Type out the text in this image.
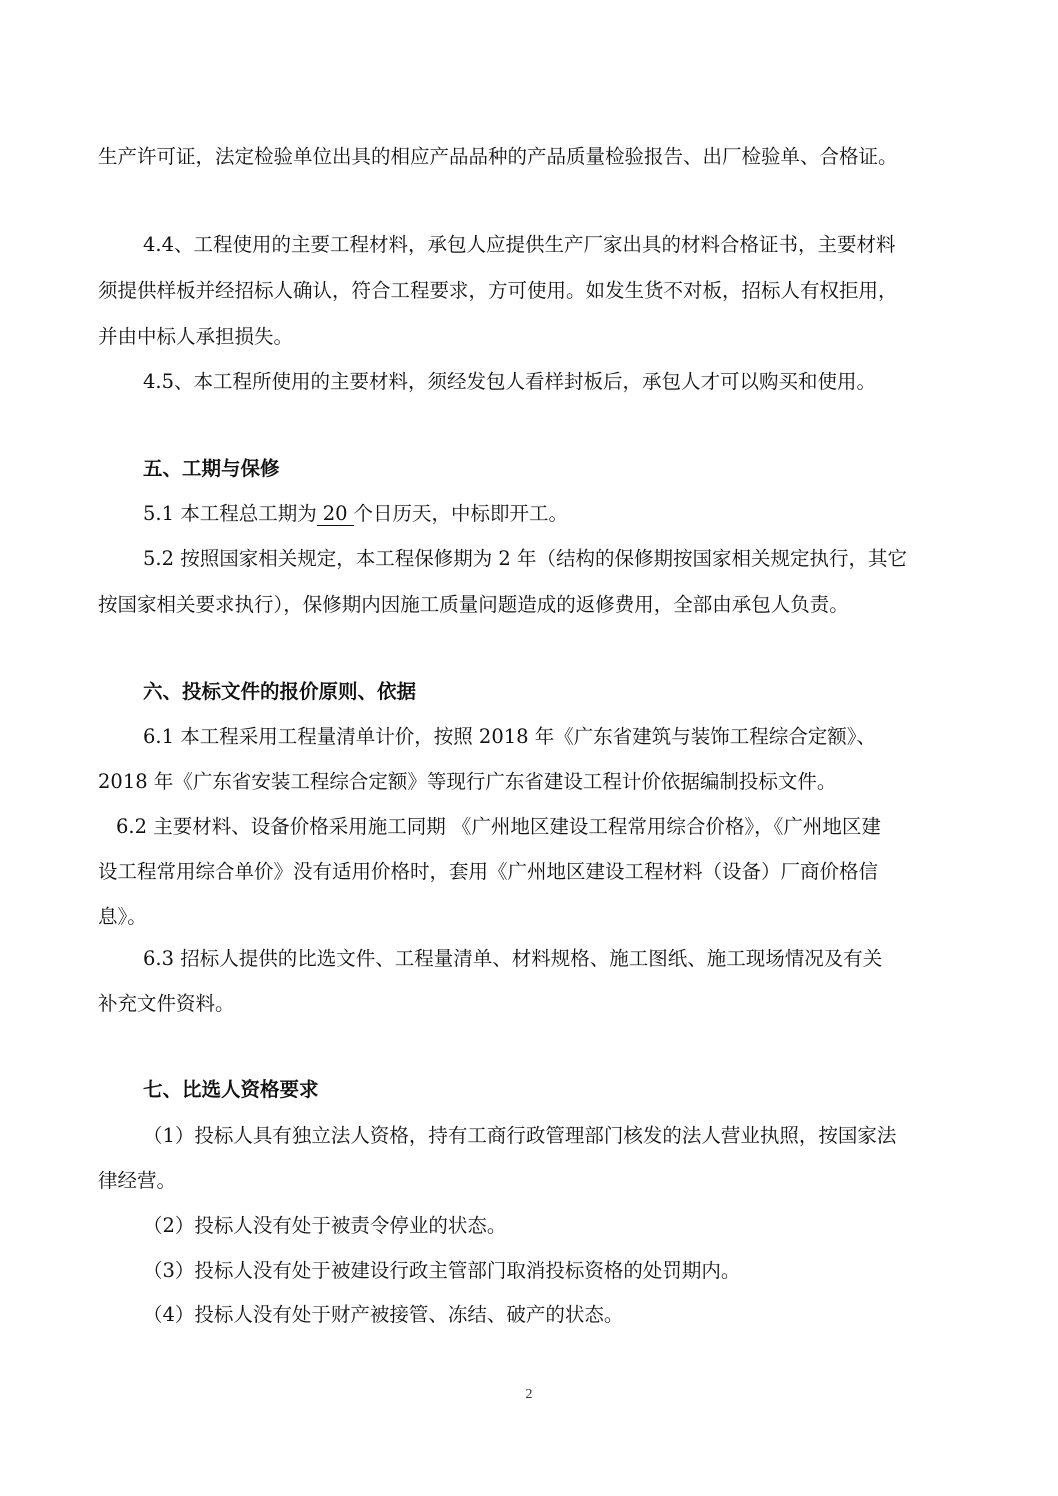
生产许可证，法定检验单位出具的相应产品品种的产品质量检验报告、出厂检验单、合格证。
4.4、工程使用的主要工程材料，承包人应提供生产厂家出具的材料合格证书，主要材料
须提供样板并经招标人确认，符合工程要求，方可使用。如发生货不对板，招标人有权拒用，
并由中标人承担损失。
4.5、本工程所使用的主要材料，须经发包人看样封板后，承包人才可以购买和使用。
五、工期与保修
5.1 本工程总工期为 20 个日历天，中标即开工。
5.2 按照国家相关规定，本工程保修期为 2 年（结构的保修期按国家相关规定执行，其它
按国家相关要求执行），保修期内因施工质量问题造成的返修费用，全部由承包人负责。
六、投标文件的报价原则、依据
6.1 本工程采用工程量清单计价，按照 2018 年《广东省建筑与装饰工程综合定额》、
2018 年《广东省安装工程综合定额》等现行广东省建设工程计价依据编制投标文件。
6.2 主要材料、设备价格采用施工同期 《广州地区建设工程常用综合价格》，《广州地区建
设工程常用综合单价》没有适用价格时，套用《广州地区建设工程材料（设备）厂商价格信
息》。
6.3 招标人提供的比选文件、工程量清单、材料规格、施工图纸、施工现场情况及有关
补充文件资料。
七、比选人资格要求
（1）投标人具有独立法人资格，持有工商行政管理部门核发的法人营业执照，按国家法
律经营。
（2）投标人没有处于被责令停业的状态。
（3）投标人没有处于被建设行政主管部门取消投标资格的处罚期内。
（4）投标人没有处于财产被接管、冻结、破产的状态。
2
